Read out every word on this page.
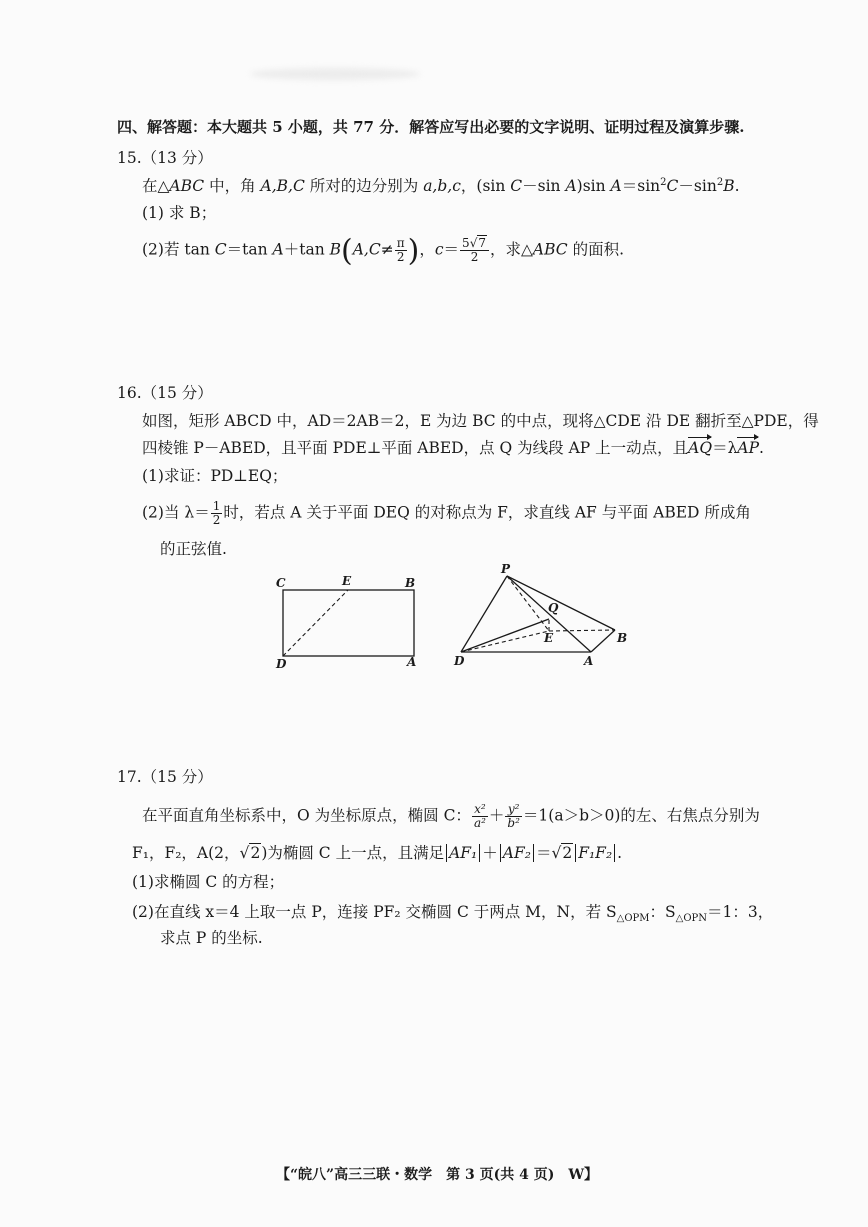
四、解答题：本大题共 5 小题，共 77 分．解答应写出必要的文字说明、证明过程及演算步骤.
15.（13 分）
在△ABC 中，角 A,B,C 所对的边分别为 a,b,c，(sin C－sin A)sin $A=\sin^2C-\sin^2B$.
(1) 求 B；
(2)若 tan C＝tan A＋tan $B(A,C\ne \frac{\pi}{2}$ )，$c= \frac{5√7}{2}$ ，求△ABC 的面积.
16.（15 分）
如图，矩形 ABCD 中，AD＝2AB＝2，E 为边 BC 的中点，现将△CDE 沿 DE 翻折至△PDE，得
四棱锥 P－ABED，且平面 PDE⊥平面 ABED，点 Q 为线段 AP 上一动点，且AQ＝λAP.
(1)求证：PD⊥EQ；
(2)当 $\lambda= \frac{1}{2}$ 时，若点 A 关于平面 DEQ 的对称点为 F，求直线 AF 与平面 ABED 所成角
的正弦值.
C	E	B
D	A
P
Q
E	B
D	A
17.（15 分）
在平面直角坐标系中，O 为坐标原点，椭圆 C： $\frac{\text{x²}}{\text{a²}} + \frac{\text{y²}}{\text{b²}} =1(a>b>0)$的左、右焦点分别为
F₁，F₂，A(2，√2)为椭圆 C 上一点，且满足 AF₁ ＋ AF₂ ＝√2 F₁F₂ .
(1)求椭圆 C 的方程；
(2)在直线 x＝4 上取一点 P，连接 PF₂ 交椭圆 C 于两点 M，N，若 $S_{\triangle OPM}$：$S_{\triangle OPN}=1$：3，
求点 P 的坐标.
【“皖八”高三三联・数学　第 3 页(共 4 页)　W】
